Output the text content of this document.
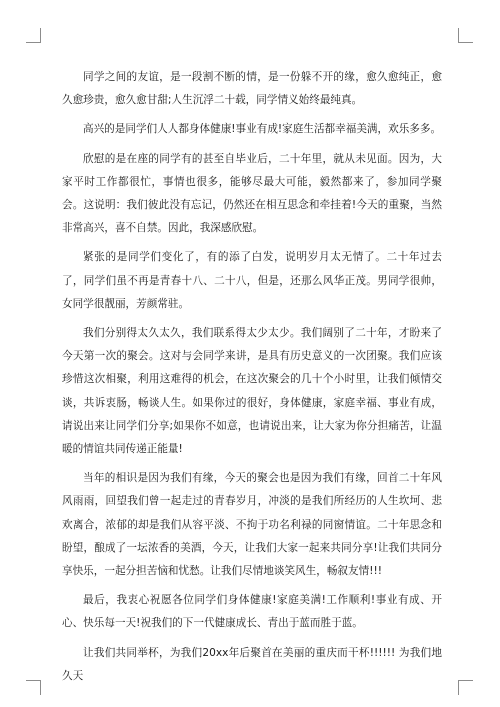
同学之间的友谊，是一段割不断的情，是一份躲不开的缘，愈久愈纯正，愈久愈珍贵，愈久愈甘甜;人生沉浮二十载，同学情义始终最纯真。

高兴的是同学们人人都身体健康!事业有成!家庭生活都幸福美满，欢乐多多。

欣慰的是在座的同学有的甚至自毕业后，二十年里，就从未见面。因为，大家平时工作都很忙，事情也很多，能够尽最大可能，毅然都来了，参加同学聚会。这说明：我们彼此没有忘记，仍然还在相互思念和牵挂着!今天的重聚，当然非常高兴，喜不自禁。因此，我深感欣慰。

紧张的是同学们变化了，有的添了白发，说明岁月太无情了。二十年过去了，同学们虽不再是青春十八、二十八，但是，还那么风华正茂。男同学很帅，女同学很靓丽，芳颜常驻。

我们分别得太久太久，我们联系得太少太少。我们阔别了二十年，才盼来了今天第一次的聚会。这对与会同学来讲，是具有历史意义的一次团聚。我们应该珍惜这次相聚，利用这难得的机会，在这次聚会的几十个小时里，让我们倾情交谈，共诉衷肠，畅谈人生。如果你过的很好，身体健康，家庭幸福、事业有成，请说出来让同学们分享;如果你不如意，也请说出来，让大家为你分担痛苦，让温暖的情谊共同传递正能量!

当年的相识是因为我们有缘，今天的聚会也是因为我们有缘，回首二十年风风雨雨，回望我们曾一起走过的青春岁月，冲淡的是我们所经历的人生坎坷、悲欢离合，浓郁的却是我们从容平淡、不拘于功名利禄的同窗情谊。二十年思念和盼望，酿成了一坛浓香的美酒，今天，让我们大家一起来共同分享!让我们共同分享快乐，一起分担苦恼和忧愁。让我们尽情地谈笑风生，畅叙友情!!!

最后，我衷心祝愿各位同学们身体健康!家庭美满!工作顺利!事业有成、开心、快乐每一天!祝我们的下一代健康成长、青出于蓝而胜于蓝。

让我们共同举杯，为我们20xx年后聚首在美丽的重庆而干杯!!!!!! 为我们地久天
